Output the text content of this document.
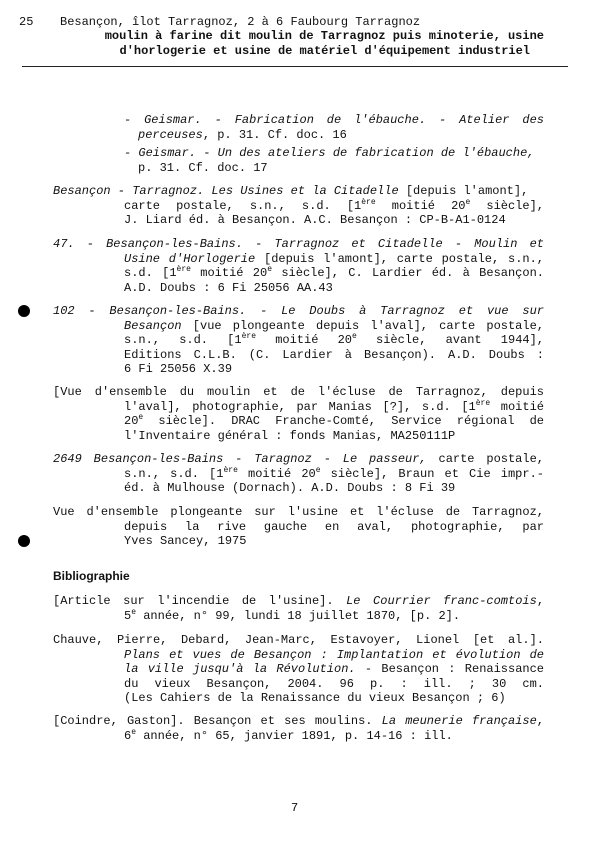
25 Besançon, îlot Tarragnoz, 2 à 6 Faubourg Tarragnoz
moulin à farine dit moulin de Tarragnoz puis minoterie, usine
d'horlogerie et usine de matériel d'équipement industriel
- Geismar. - Fabrication de l'ébauche. - Atelier des
perceuses, p. 31. Cf. doc. 16
- Geismar. - Un des ateliers de fabrication de l'ébauche,
p. 31. Cf. doc. 17
Besançon - Tarragnoz. Les Usines et la Citadelle [depuis l'amont],
carte postale, s.n., s.d. [1ère moitié 20e siècle],
J. Liard éd. à Besançon. A.C. Besançon : CP-B-A1-0124
47. - Besançon-les-Bains. - Tarragnoz et Citadelle - Moulin et
Usine d'Horlogerie [depuis l'amont], carte postale, s.n.,
s.d. [1ère moitié 20e siècle], C. Lardier éd. à Besançon.
A.D. Doubs : 6 Fi 25056 AA.43
102 - Besançon-les-Bains. - Le Doubs à Tarragnoz et vue sur
Besançon [vue plongeante depuis l'aval], carte postale,
s.n., s.d. [1ère moitié 20e siècle, avant 1944],
Editions C.L.B. (C. Lardier à Besançon). A.D. Doubs :
6 Fi 25056 X.39
[Vue d'ensemble du moulin et de l'écluse de Tarragnoz, depuis
l'aval], photographie, par Manias [?], s.d. [1ère moitié
20e siècle]. DRAC Franche-Comté, Service régional de
l'Inventaire général : fonds Manias, MA250111P
2649 Besançon-les-Bains - Taragnoz - Le passeur, carte postale,
s.n., s.d. [1ère moitié 20e siècle], Braun et Cie impr.-
éd. à Mulhouse (Dornach). A.D. Doubs : 8 Fi 39
Vue d'ensemble plongeante sur l'usine et l'écluse de Tarragnoz,
depuis la rive gauche en aval, photographie, par
Yves Sancey, 1975
Bibliographie
[Article sur l'incendie de l'usine]. Le Courrier franc-comtois,
5e année, n° 99, lundi 18 juillet 1870, [p. 2].
Chauve, Pierre, Debard, Jean-Marc, Estavoyer, Lionel [et al.].
Plans et vues de Besançon : Implantation et évolution de
la ville jusqu'à la Révolution. - Besançon : Renaissance
du vieux Besançon, 2004. 96 p. : ill. ; 30 cm.
(Les Cahiers de la Renaissance du vieux Besançon ; 6)
[Coindre, Gaston]. Besançon et ses moulins. La meunerie française,
6e année, n° 65, janvier 1891, p. 14-16 : ill.
7
